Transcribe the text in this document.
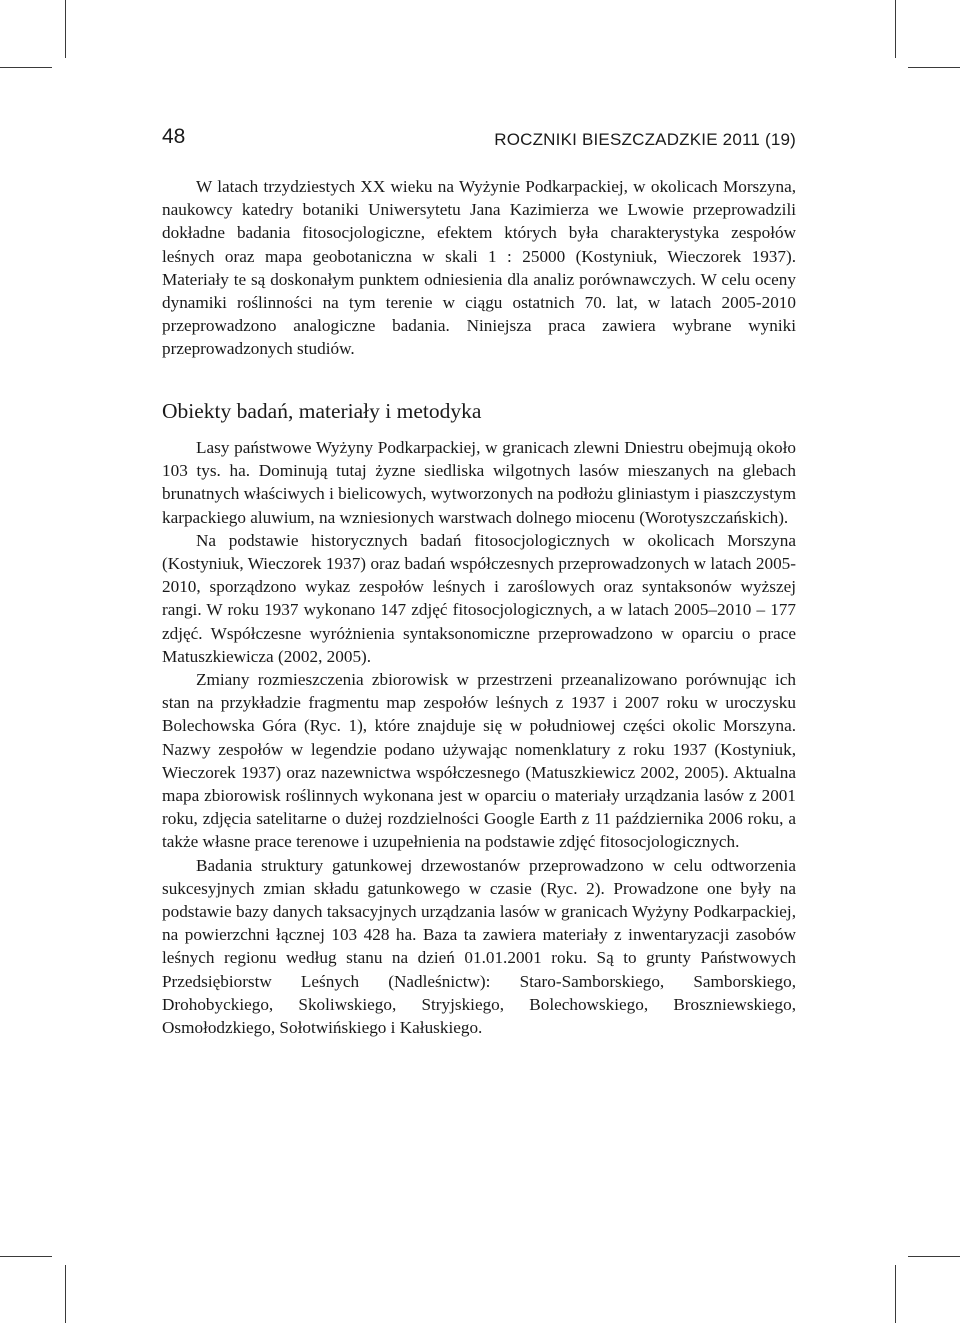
48	ROCZNIKI BIESZCZADZKIE 2011 (19)

W latach trzydziestych XX wieku na Wyżynie Podkarpackiej, w okolicach Morszyna, naukowcy katedry botaniki Uniwersytetu Jana Kazimierza we Lwowie przeprowadzili dokładne badania fitosocjologiczne, efektem których była charakterystyka zespołów leśnych oraz mapa geobotaniczna w skali 1 : 25000 (Kostyniuk, Wieczorek 1937). Materiały te są doskonałym punktem odniesienia dla analiz porównawczych. W celu oceny dynamiki roślinności na tym terenie w ciągu ostatnich 70. lat, w latach 2005-2010 przeprowadzono analogiczne badania. Niniejsza praca zawiera wybrane wyniki przeprowadzonych studiów.

Obiekty badań, materiały i metodyka

Lasy państwowe Wyżyny Podkarpackiej, w granicach zlewni Dniestru obejmują około 103 tys. ha. Dominują tutaj żyzne siedliska wilgotnych lasów mieszanych na glebach brunatnych właściwych i bielicowych, wytworzonych na podłożu gliniastym i piaszczystym karpackiego aluwium, na wzniesionych warstwach dolnego miocenu (Worotyszczańskich).

Na podstawie historycznych badań fitosocjologicznych w okolicach Morszyna (Kostyniuk, Wieczorek 1937) oraz badań współczesnych przeprowadzonych w latach 2005-2010, sporządzono wykaz zespołów leśnych i zaroślowych oraz syntaksonów wyższej rangi. W roku 1937 wykonano 147 zdjęć fitosocjologicznych, a w latach 2005–2010 – 177 zdjęć. Współczesne wyróżnienia syntaksonomiczne przeprowadzono w oparciu o prace Matuszkiewicza (2002, 2005).

Zmiany rozmieszczenia zbiorowisk w przestrzeni przeanalizowano porównując ich stan na przykładzie fragmentu map zespołów leśnych z 1937 i 2007 roku w uroczysku Bolechowska Góra (Ryc. 1), które znajduje się w południowej części okolic Morszyna. Nazwy zespołów w legendzie podano używając nomenklatury z roku 1937 (Kostyniuk, Wieczorek 1937) oraz nazewnictwa współczesnego (Matuszkiewicz 2002, 2005). Aktualna mapa zbiorowisk roślinnych wykonana jest w oparciu o materiały urządzania lasów z 2001 roku, zdjęcia satelitarne o dużej rozdzielności Google Earth z 11 października 2006 roku, a także własne prace terenowe i uzupełnienia na podstawie zdjęć fitosocjologicznych.

Badania struktury gatunkowej drzewostanów przeprowadzono w celu odtworzenia sukcesyjnych zmian składu gatunkowego w czasie (Ryc. 2). Prowadzone one były na podstawie bazy danych taksacyjnych urządzania lasów w granicach Wyżyny Podkarpackiej, na powierzchni łącznej 103 428 ha. Baza ta zawiera materiały z inwentaryzacji zasobów leśnych regionu według stanu na dzień 01.01.2001 roku. Są to grunty Państwowych Przedsiębiorstw Leśnych (Nadleśnictw): Staro-Samborskiego, Samborskiego, Drohobyckiego, Skoliwskiego, Stryjskiego, Bolechowskiego, Broszniewskiego, Osmołodzkiego, Sołotwińskiego i Kałuskiego.
